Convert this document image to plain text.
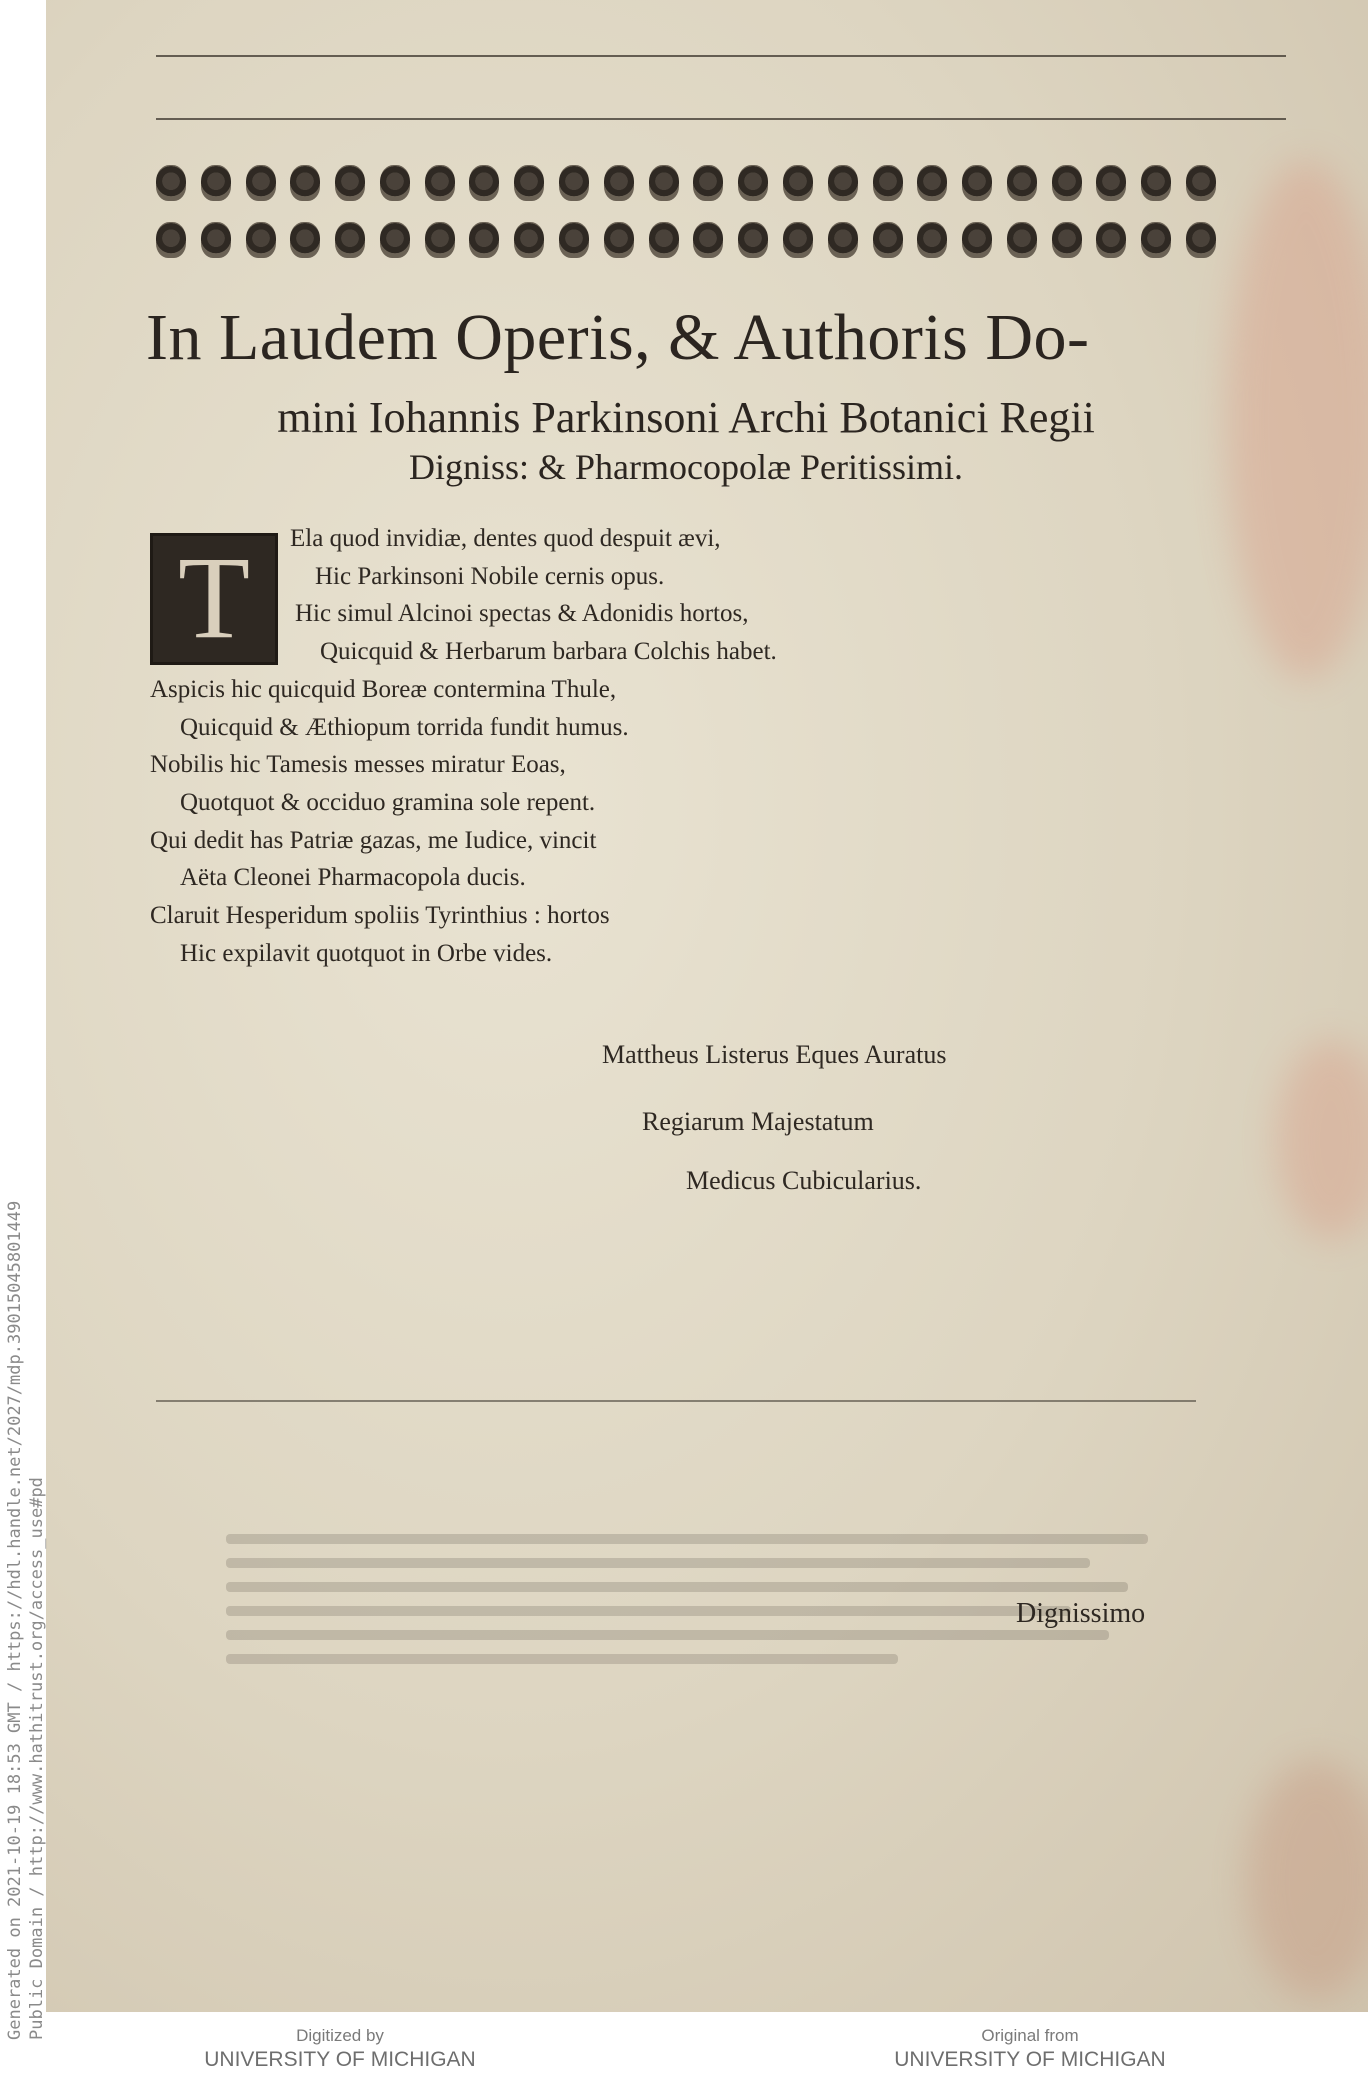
In Laudem Operis, & Authoris Do-
mini Iohannis Parkinsoni Archi Botanici Regii
Digniss: & Pharmocopolæ Peritissimi.
T	Ela quod invidiæ, dentes quod despuit ævi,
Hic Parkinsoni Nobile cernis opus.
Hic simul Alcinoi spectas & Adonidis hortos,
Quicquid & Herbarum barbara Colchis habet.
Aspicis hic quicquid Boreæ contermina Thule,
Quicquid & Æthiopum torrida fundit humus.
Nobilis hic Tamesis messes miratur Eoas,
Quotquot & occiduo gramina sole repent.
Qui dedit has Patriæ gazas, me Iudice, vincit
Aëta Cleonei Pharmacopola ducis.
Claruit Hesperidum spoliis Tyrinthius : hortos
Hic expilavit quotquot in Orbe vides.
Mattheus Listerus Eques Auratus
Regiarum Majestatum
Medicus Cubicularius.
Dignissimo
Generated on 2021-10-19 18:53 GMT / https://hdl.handle.net/2027/mdp.39015045801449 Public Domain / http://www.hathitrust.org/access_use#pd	Digitized by
UNIVERSITY OF MICHIGAN
Original from
UNIVERSITY OF MICHIGAN
